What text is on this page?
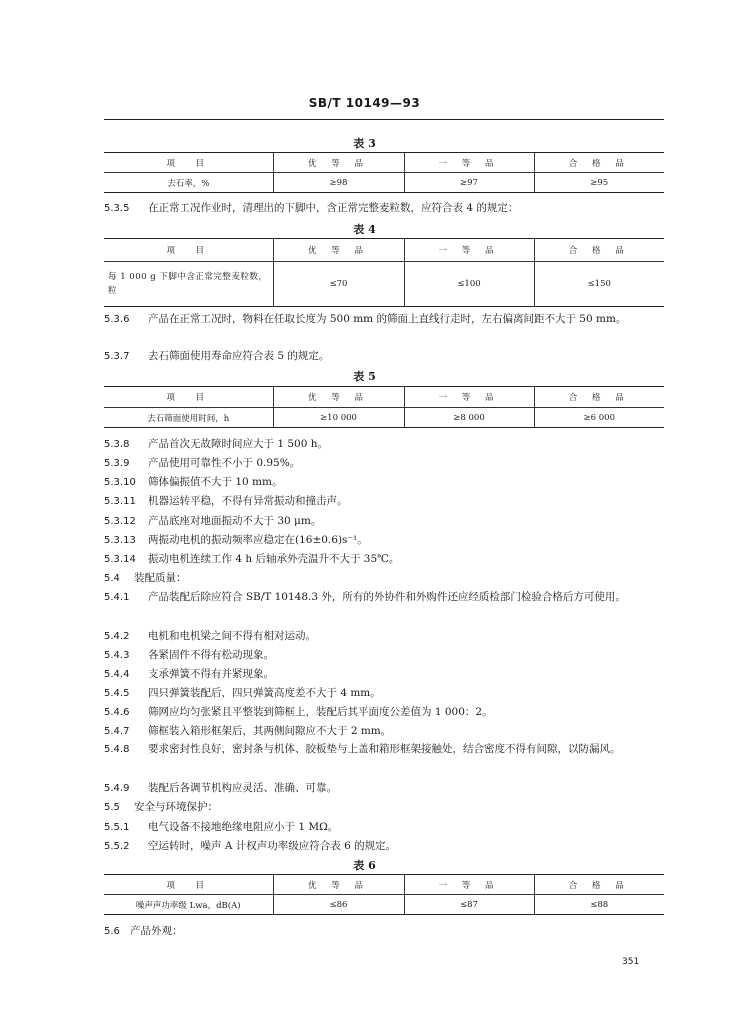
SB/T 10149—93
表 3
项　目	优 等 品	一 等 品	合 格 品
去石率，%	≥98	≥97	≥95
5.3.5 在正常工况作业时，清理出的下脚中，含正常完整麦粒数，应符合表 4 的规定：
表 4
项　目	优 等 品	一 等 品	合 格 品
每 1 000 g 下脚中含正常完整麦粒数，粒	≤70	≤100	≤150
5.3.6 产品在正常工况时，物料在任取长度为 500 mm 的筛面上直线行走时，左右偏离间距不大于 50 mm。
5.3.7 去石筛面使用寿命应符合表 5 的规定。
表 5
项　目	优 等 品	一 等 品	合 格 品
去石筛面使用时间，h	≥10 000	≥8 000	≥6 000
5.3.8 产品首次无故障时间应大于 1 500 h。
5.3.9 产品使用可靠性不小于 0.95%。
5.3.10 筛体偏振值不大于 10 mm。
5.3.11 机器运转平稳，不得有异常振动和撞击声。
5.3.12 产品底座对地面振动不大于 30 μm。
5.3.13 两振动电机的振动频率应稳定在(16±0.6)s⁻¹。
5.3.14 振动电机连续工作 4 h 后轴承外壳温升不大于 35℃。
5.4 装配质量：
5.4.1 产品装配后除应符合 SB/T 10148.3 外，所有的外协件和外购件还应经质检部门检验合格后方可使用。
5.4.2 电机和电机梁之间不得有相对运动。
5.4.3 各紧固件不得有松动现象。
5.4.4 支承弹簧不得有并紧现象。
5.4.5 四只弹簧装配后，四只弹簧高度差不大于 4 mm。
5.4.6 筛网应均匀张紧且平整装到筛框上，装配后其平面度公差值为 1 000：2。
5.4.7 筛框装入箱形框架后，其两侧间隙应不大于 2 mm。
5.4.8 要求密封性良好，密封条与机体、胶板垫与上盖和箱形框架接触处，结合密度不得有间隙，以防漏风。
5.4.9 装配后各调节机构应灵活、准确、可靠。
5.5 安全与环境保护：
5.5.1 电气设备不接地绝缘电阻应小于 1 MΩ。
5.5.2 空运转时，噪声 A 计权声功率级应符合表 6 的规定。
表 6
项　目	优 等 品	一 等 品	合 格 品
噪声声功率级 Lwa，dB(A)	≤86	≤87	≤88
5.6 产品外观：
351
